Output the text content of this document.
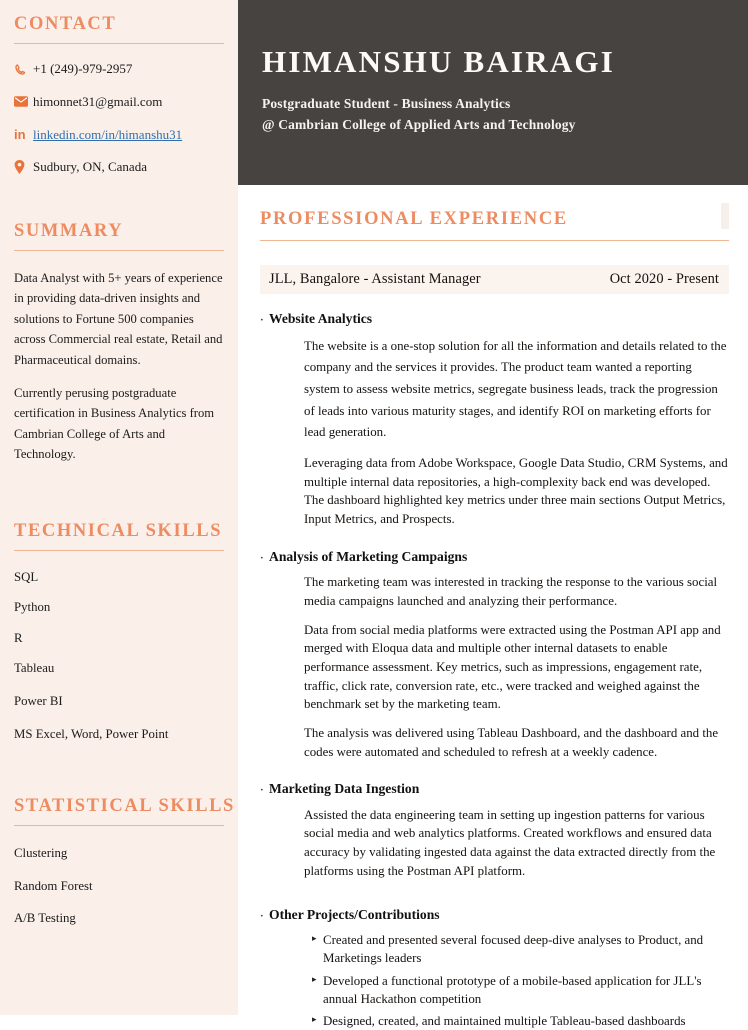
CONTACT
+1 (249)-979-2957
himonnet31@gmail.com
in linkedin.com/in/himanshu31
Sudbury, ON, Canada
SUMMARY

Data Analyst with 5+ years of experience in providing data-driven insights and solutions to Fortune 500 companies across Commercial real estate, Retail and Pharmaceutical domains.

Currently perusing postgraduate certification in Business Analytics from Cambrian College of Arts and Technology.

TECHNICAL SKILLS
SQL
Python
R
Tableau
Power BI
MS Excel, Word, Power Point
STATISTICAL SKILLS
Clustering
Random Forest
A/B Testing
HIMANSHU BAIRAGI
Postgraduate Student - Business Analytics
@ Cambrian College of Applied Arts and Technology
PROFESSIONAL EXPERIENCE
JLL, Bangalore - Assistant Manager	Oct 2020 - Present
· Website Analytics

The website is a one-stop solution for all the information and details related to the company and the services it provides. The product team wanted a reporting system to assess website metrics, segregate business leads, track the progression of leads into various maturity stages, and identify ROI on marketing efforts for lead generation.

Leveraging data from Adobe Workspace, Google Data Studio, CRM Systems, and multiple internal data repositories, a high-complexity back end was developed. The dashboard highlighted key metrics under three main sections Output Metrics, Input Metrics, and Prospects.

· Analysis of Marketing Campaigns

The marketing team was interested in tracking the response to the various social media campaigns launched and analyzing their performance.

Data from social media platforms were extracted using the Postman API app and merged with Eloqua data and multiple other internal datasets to enable performance assessment. Key metrics, such as impressions, engagement rate, traffic, click rate, conversion rate, etc., were tracked and weighed against the benchmark set by the marketing team.

The analysis was delivered using Tableau Dashboard, and the dashboard and the codes were automated and scheduled to refresh at a weekly cadence.

· Marketing Data Ingestion

Assisted the data engineering team in setting up ingestion patterns for various social media and web analytics platforms. Created workflows and ensured data accuracy by validating ingested data against the data extracted directly from the platforms using the Postman API platform.

· Other Projects/Contributions
▸ Created and presented several focused deep-dive analyses to Product, and Marketings leaders
▸ Developed a functional prototype of a mobile-based application for JLL's annual Hackathon competition
▸ Designed, created, and maintained multiple Tableau-based dashboards
